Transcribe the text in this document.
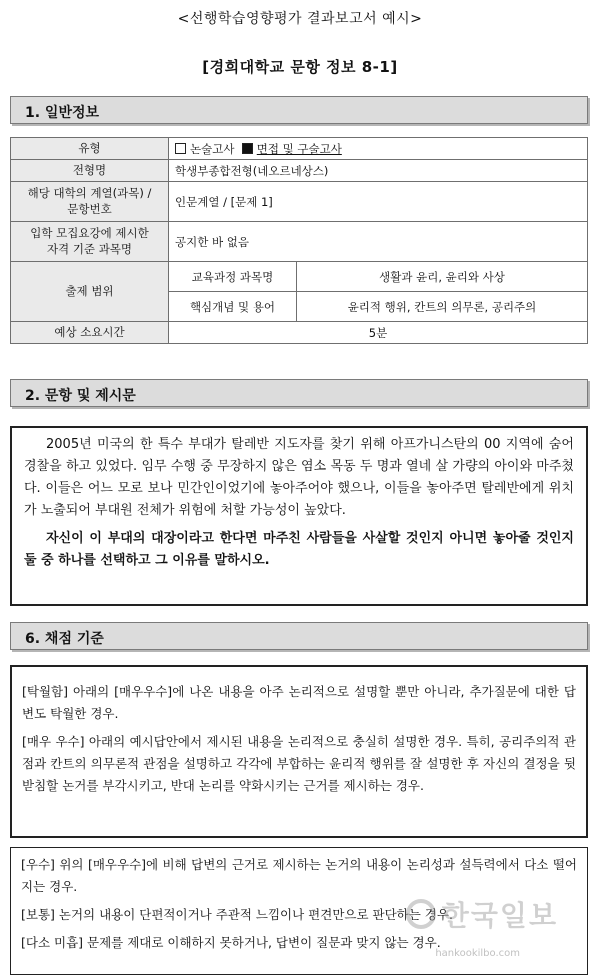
<선행학습영향평가 결과보고서 예시>
[경희대학교 문항 정보 8-1]
1. 일반정보
유형	논술고사 면접 및 구술고사	
전형명	학생부종합전형(네오르네상스)	

해당 대학의 계열(과목) /
문항번호	인문계열 / [문제 1]	

입학 모집요강에 제시한
자격 기준 과목명	공지한 바 없음	
출제 범위	교육과정 과목명	생활과 윤리, 윤리와 사상
	핵심개념 및 용어	윤리적 행위, 칸트의 의무론, 공리주의
예상 소요시간	5분	
2. 문항 및 제시문

2005년 미국의 한 특수 부대가 탈레반 지도자를 찾기 위해 아프가니스탄의 00 지역에 숨어 경찰을 하고 있었다. 임무 수행 중 무장하지 않은 염소 목동 두 명과 열네 살 가량의 아이와 마주쳤다. 이들은 어느 모로 보나 민간인이었기에 놓아주어야 했으나, 이들을 놓아주면 탈레반에게 위치가 노출되어 부대원 전체가 위험에 처할 가능성이 높았다.

자신이 이 부대의 대장이라고 한다면 마주친 사람들을 사살할 것인지 아니면 놓아줄 것인지 둘 중 하나를 선택하고 그 이유를 말하시오.

6. 채점 기준

[탁월함] 아래의 [매우우수]에 나온 내용을 아주 논리적으로 설명할 뿐만 아니라, 추가질문에 대한 답변도 탁월한 경우.

[매우 우수] 아래의 예시답안에서 제시된 내용을 논리적으로 충실히 설명한 경우. 특히, 공리주의적 관점과 칸트의 의무론적 관점을 설명하고 각각에 부합하는 윤리적 행위를 잘 설명한 후 자신의 결정을 뒷받침할 논거를 부각시키고, 반대 논리를 약화시키는 근거를 제시하는 경우.

[우수] 위의 [매우우수]에 비해 답변의 근거로 제시하는 논거의 내용이 논리성과 설득력에서 다소 떨어지는 경우.

[보통] 논거의 내용이 단편적이거나 주관적 느낌이나 편견만으로 판단하는 경우.

[다소 미흡] 문제를 제대로 이해하지 못하거나, 답변이 질문과 맞지 않는 경우.

한국일보
hankookilbo.com
